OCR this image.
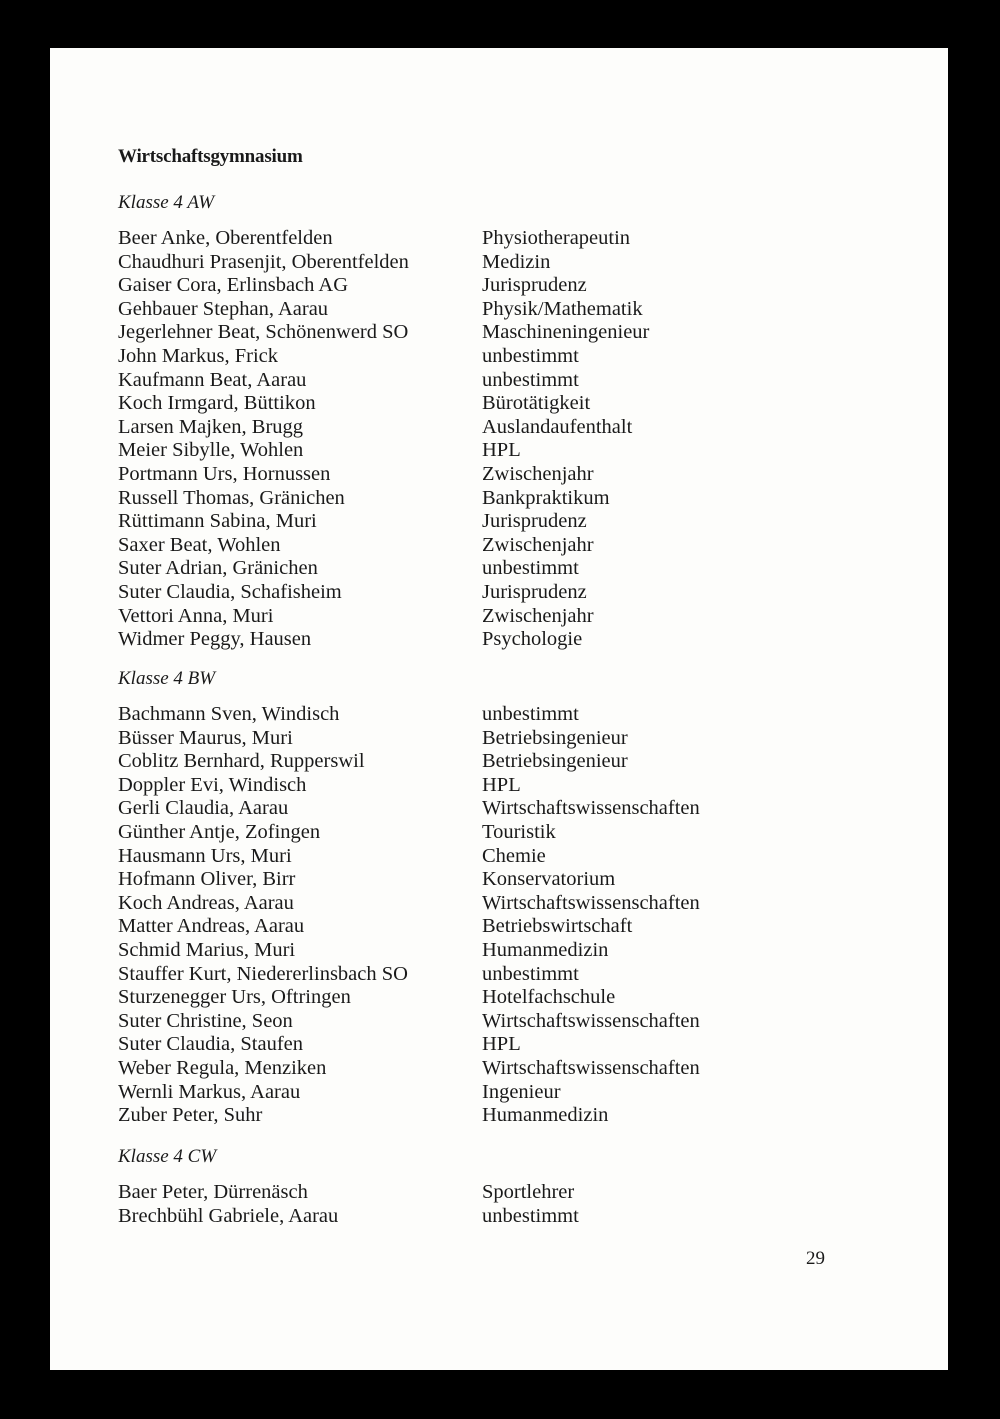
Wirtschaftsgymnasium
Klasse 4 AW
Beer Anke, Oberentfelden	Physiotherapeutin
Chaudhuri Prasenjit, Oberentfelden	Medizin
Gaiser Cora, Erlinsbach AG	Jurisprudenz
Gehbauer Stephan, Aarau	Physik/Mathematik
Jegerlehner Beat, Schönenwerd SO	Maschineningenieur
John Markus, Frick	unbestimmt
Kaufmann Beat, Aarau	unbestimmt
Koch Irmgard, Büttikon	Bürotätigkeit
Larsen Majken, Brugg	Auslandaufenthalt
Meier Sibylle, Wohlen	HPL
Portmann Urs, Hornussen	Zwischenjahr
Russell Thomas, Gränichen	Bankpraktikum
Rüttimann Sabina, Muri	Jurisprudenz
Saxer Beat, Wohlen	Zwischenjahr
Suter Adrian, Gränichen	unbestimmt
Suter Claudia, Schafisheim	Jurisprudenz
Vettori Anna, Muri	Zwischenjahr
Widmer Peggy, Hausen	Psychologie
Klasse 4 BW
Bachmann Sven, Windisch	unbestimmt
Büsser Maurus, Muri	Betriebsingenieur
Coblitz Bernhard, Rupperswil	Betriebsingenieur
Doppler Evi, Windisch	HPL
Gerli Claudia, Aarau	Wirtschaftswissenschaften
Günther Antje, Zofingen	Touristik
Hausmann Urs, Muri	Chemie
Hofmann Oliver, Birr	Konservatorium
Koch Andreas, Aarau	Wirtschaftswissenschaften
Matter Andreas, Aarau	Betriebswirtschaft
Schmid Marius, Muri	Humanmedizin
Stauffer Kurt, Niedererlinsbach SO	unbestimmt
Sturzenegger Urs, Oftringen	Hotelfachschule
Suter Christine, Seon	Wirtschaftswissenschaften
Suter Claudia, Staufen	HPL
Weber Regula, Menziken	Wirtschaftswissenschaften
Wernli Markus, Aarau	Ingenieur
Zuber Peter, Suhr	Humanmedizin
Klasse 4 CW
Baer Peter, Dürrenäsch	Sportlehrer
Brechbühl Gabriele, Aarau	unbestimmt
29
